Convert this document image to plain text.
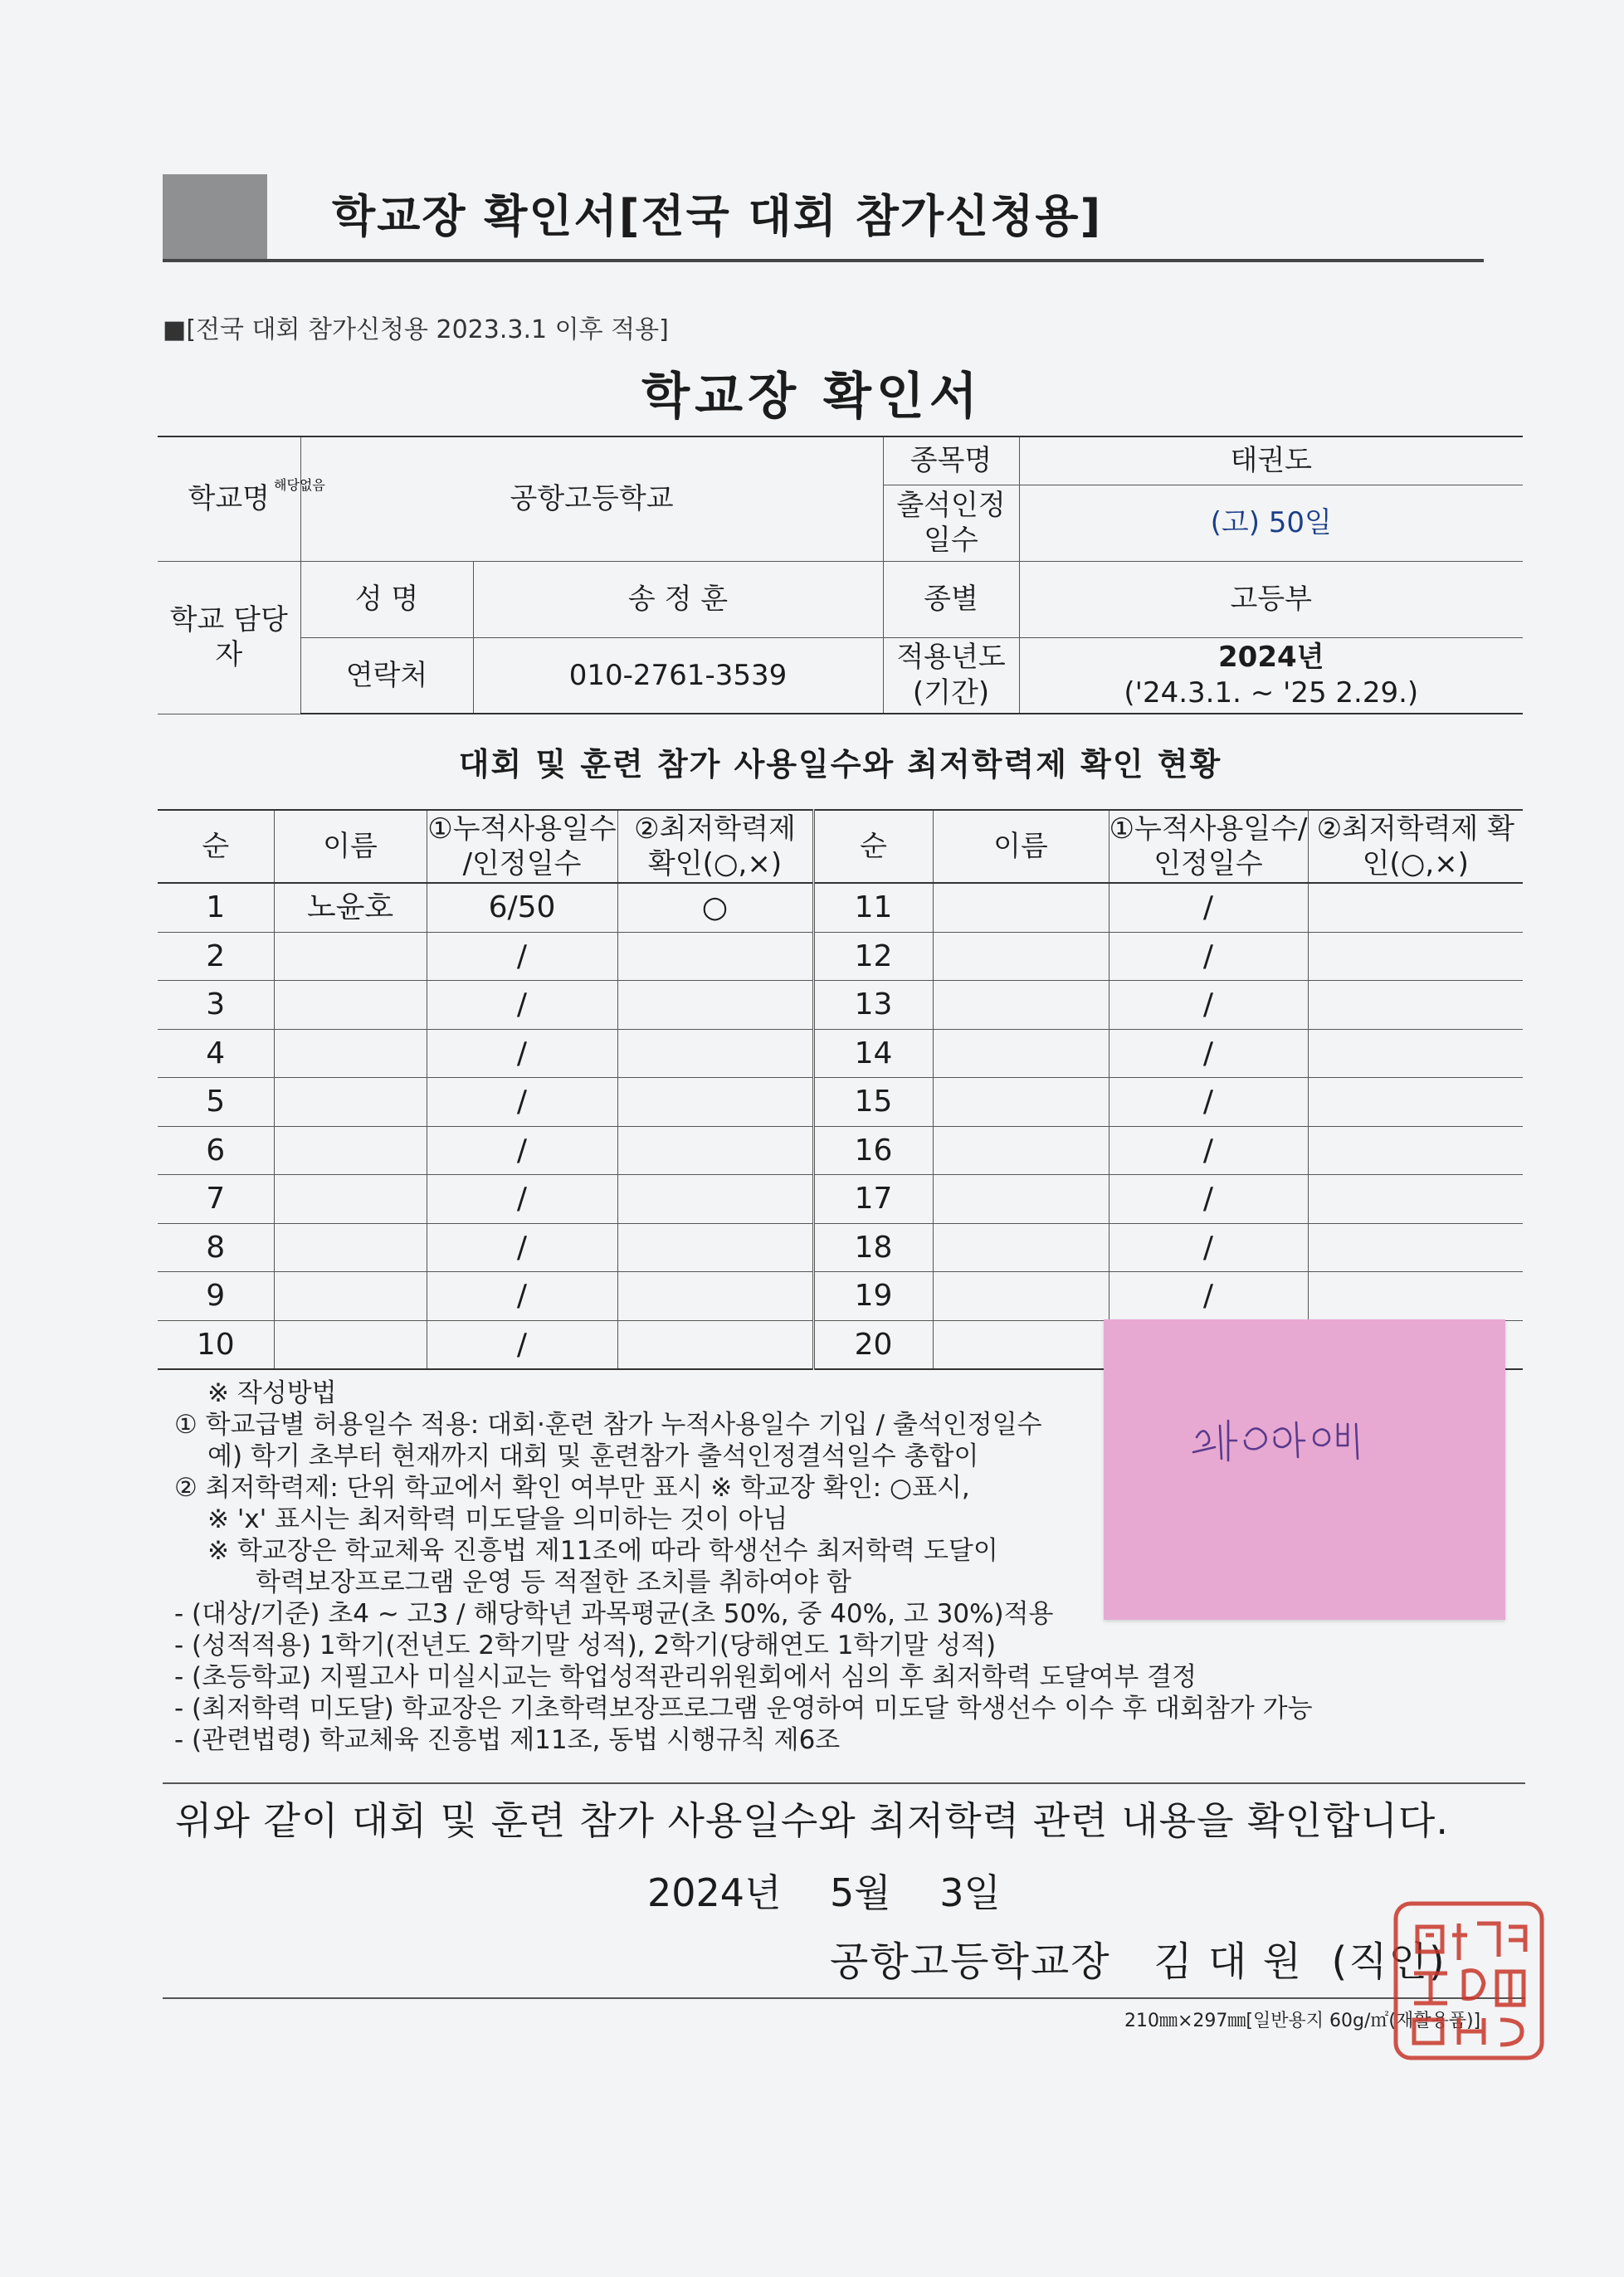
학교장 확인서[전국 대회 참가신청용]
■[전국 대회 참가신청용 2023.3.1 이후 적용]
학교장 확인서
학교명	공항고등학교		종목명	태권도
			출석인정 일수	(고) 50일
학교 담당자	성 명	송 정 훈	종별	고등부
	연락처	010-2761-3539	적용년도 (기간)	2024년
('24.3.1. ~ '25 2.29.)
대회 및 훈련 참가 사용일수와 최저학력제 확인 현황
순	이름	①누적사용일수 /인정일수	②최저학력제 확인(○,×)	순	이름	①누적사용일수/ 인정일수	②최저학력제 확인(○,×)
1	노윤호	6/50	○	11		/	
2		/		12		/	
3		/		13		/	
4		/		14		/	
5		/		15		/	
6		/		16		/	
7		/		17		/	
8		/		18		/	
9		/		19		/	
10		/		20			
※ 작성방법
① 학교급별 허용일수 적용: 대회·훈련 참가 누적사용일수 기입 / 출석인정일수
예) 학기 초부터 현재까지 대회 및 훈련참가 출석인정결석일수 총합이
② 최저학력제: 단위 학교에서 확인 여부만 표시 ※ 학교장 확인: ○표시,
※ 'x' 표시는 최저학력 미도달을 의미하는 것이 아님
※ 학교장은 학교체육 진흥법 제11조에 따라 학생선수 최저학력 도달이
학력보장프로그램 운영 등 적절한 조치를 취하여야 함
- (대상/기준) 초4 ~ 고3 / 해당학년 과목평균(초 50%, 중 40%, 고 30%)적용
- (성적적용) 1학기(전년도 2학기말 성적), 2학기(당해연도 1학기말 성적)
- (초등학교) 지필고사 미실시교는 학업성적관리위원회에서 심의 후 최저학력 도달여부 결정
- (최저학력 미도달) 학교장은 기초학력보장프로그램 운영하여 미도달 학생선수 이수 후 대회참가 가능
- (관련법령) 학교체육 진흥법 제11조, 동법 시행규칙 제6조
위와 같이 대회 및 훈련 참가 사용일수와 최저학력 관련 내용을 확인합니다.
2024년 5월 3일
공항고등학교장   김 대 원  (직인)
210㎜×297㎜[일반용지 60g/㎡(재활용품)]
해당없음
